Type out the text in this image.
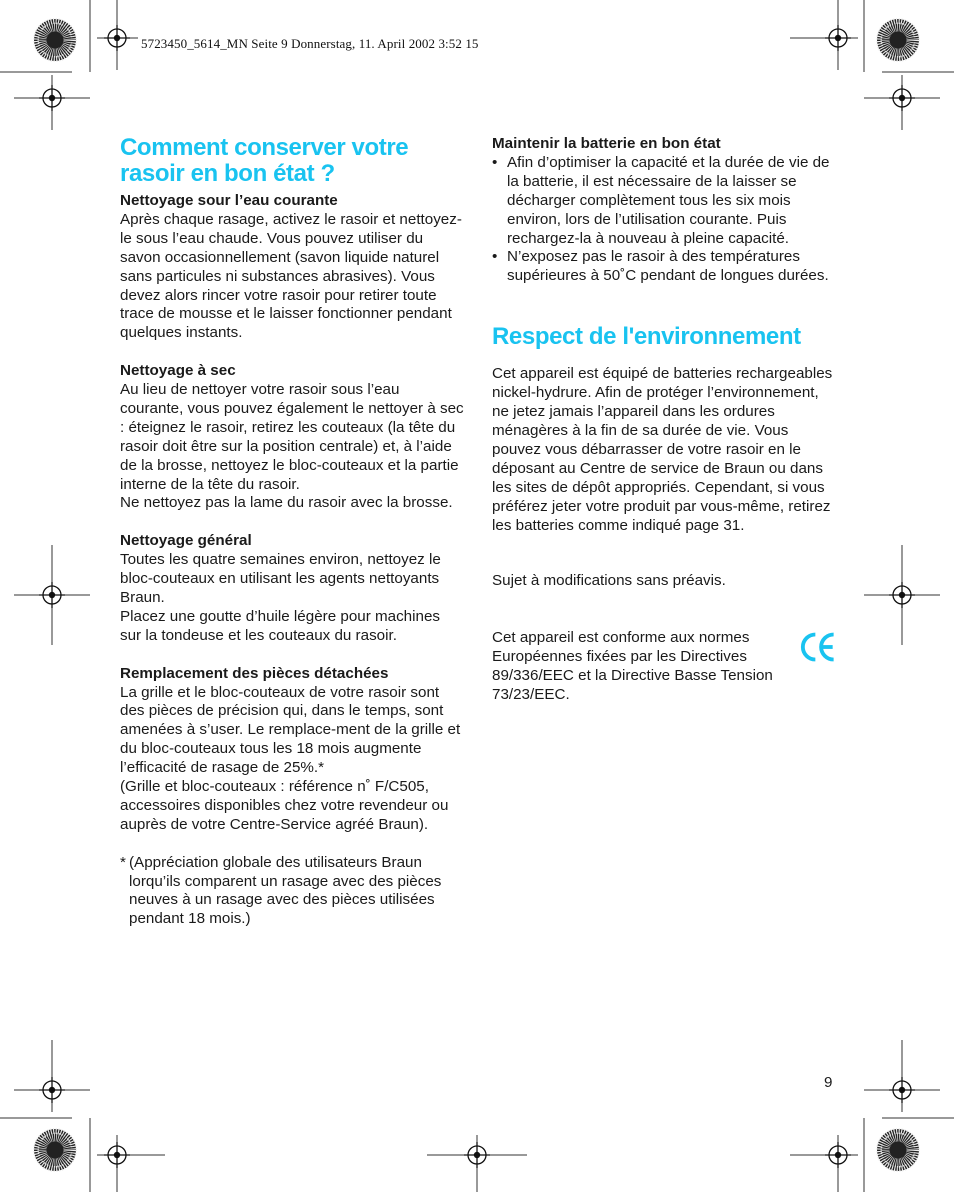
5723450_5614_MN Seite 9 Donnerstag, 11. April 2002 3:52 15
Comment conserver votre rasoir en bon état ?
Nettoyage sour l’eau courante

Après chaque rasage, activez le rasoir et nettoyez-le sous l’eau chaude. Vous pouvez utiliser du savon occasionnellement (savon liquide naturel sans particules ni substances abrasives). Vous devez alors rincer votre rasoir pour retirer toute trace de mousse et le laisser fonctionner pendant quelques instants.

Nettoyage à sec

Au lieu de nettoyer votre rasoir sous l’eau courante, vous pouvez également le nettoyer à sec : éteignez le rasoir, retirez les couteaux (la tête du rasoir doit être sur la position centrale) et, à l’aide de la brosse, nettoyez le bloc-couteaux et la partie interne de la tête du rasoir.

Ne nettoyez pas la lame du rasoir avec la brosse.

Nettoyage général

Toutes les quatre semaines environ, nettoyez le bloc-couteaux en utilisant les agents nettoyants Braun.

Placez une goutte d’huile légère pour machines sur la tondeuse et les couteaux du rasoir.

Remplacement des pièces détachées

La grille et le bloc-couteaux de votre rasoir sont des pièces de précision qui, dans le temps, sont amenées à s’user. Le remplace-ment de la grille et du bloc-couteaux tous les 18 mois augmente l’efficacité de rasage de 25%.*

(Grille et bloc-couteaux : référence n˚ F/C505, accessoires disponibles chez votre revendeur ou auprès de votre Centre-Service agréé Braun).

* (Appréciation globale des utilisateurs Braun lorqu’ils comparent un rasage avec des pièces neuves à un rasage avec des pièces utilisées pendant 18 mois.)
Maintenir la batterie en bon état
• Afin d’optimiser la capacité et la durée de vie de la batterie, il est nécessaire de la laisser se décharger complètement tous les six mois environ, lors de l’utilisation courante. Puis rechargez-la à nouveau à pleine capacité.
• N’exposez pas le rasoir à des températures supérieures à 50˚C pendant de longues durées.
Respect de l'environnement

Cet appareil est équipé de batteries rechargeables nickel-hydrure. Afin de protéger l’environnement, ne jetez jamais l’appareil dans les ordures ménagères à la fin de sa durée de vie. Vous pouvez vous débarrasser de votre rasoir en le déposant au Centre de service de Braun ou dans les sites de dépôt appropriés. Cependant, si vous préférez jeter votre produit par vous-même, retirez les batteries comme indiqué page 31.

Sujet à modifications sans préavis.

Cet appareil est conforme aux normes Européennes fixées par les Directives 89/336/EEC et la Directive Basse Tension 73/23/EEC.

9
